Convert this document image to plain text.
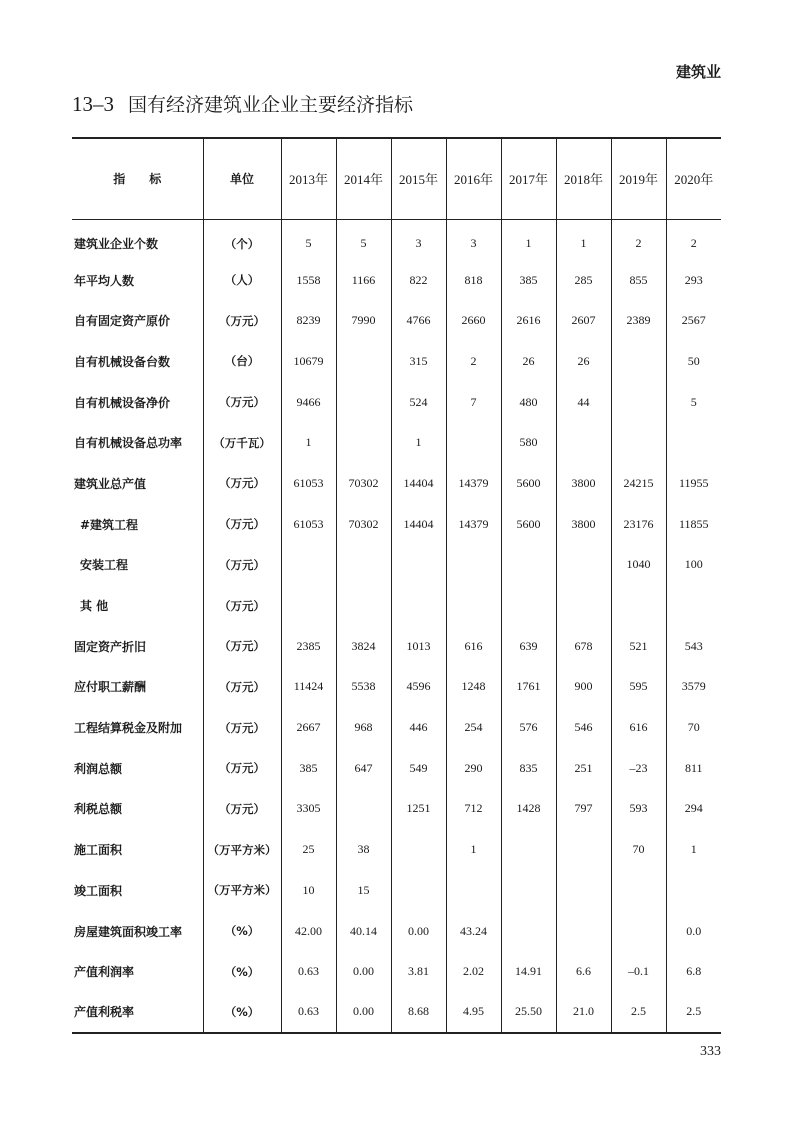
建筑业
13–3 国有经济建筑业企业主要经济指标
指　　标	单位	2013年	2014年	2015年	2016年	2017年	2018年	2019年	2020年
建筑业企业个数	（个）	5	5	3	3	1	1	2	2
年平均人数	（人）	1558	1166	822	818	385	285	855	293
自有固定资产原价	（万元）	8239	7990	4766	2660	2616	2607	2389	2567
自有机械设备台数	（台）	10679		315	2	26	26		50
自有机械设备净价	（万元）	9466		524	7	480	44		5
自有机械设备总功率	（万千瓦）	1		1		580			
建筑业总产值	（万元）	61053	70302	14404	14379	5600	3800	24215	11955
#建筑工程	（万元）	61053	70302	14404	14379	5600	3800	23176	11855
安装工程	（万元）							1040	100
其 他	（万元）								
固定资产折旧	（万元）	2385	3824	1013	616	639	678	521	543
应付职工薪酬	（万元）	11424	5538	4596	1248	1761	900	595	3579
工程结算税金及附加	（万元）	2667	968	446	254	576	546	616	70
利润总额	（万元）	385	647	549	290	835	251	–23	811
利税总额	（万元）	3305		1251	712	1428	797	593	294
施工面积	（万平方米）	25	38		1			70	1
竣工面积	（万平方米）	10	15						
房屋建筑面积竣工率	（%）	42.00	40.14	0.00	43.24				0.0
产值利润率	（%）	0.63	0.00	3.81	2.02	14.91	6.6	–0.1	6.8
产值利税率	（%）	0.63	0.00	8.68	4.95	25.50	21.0	2.5	2.5
333
